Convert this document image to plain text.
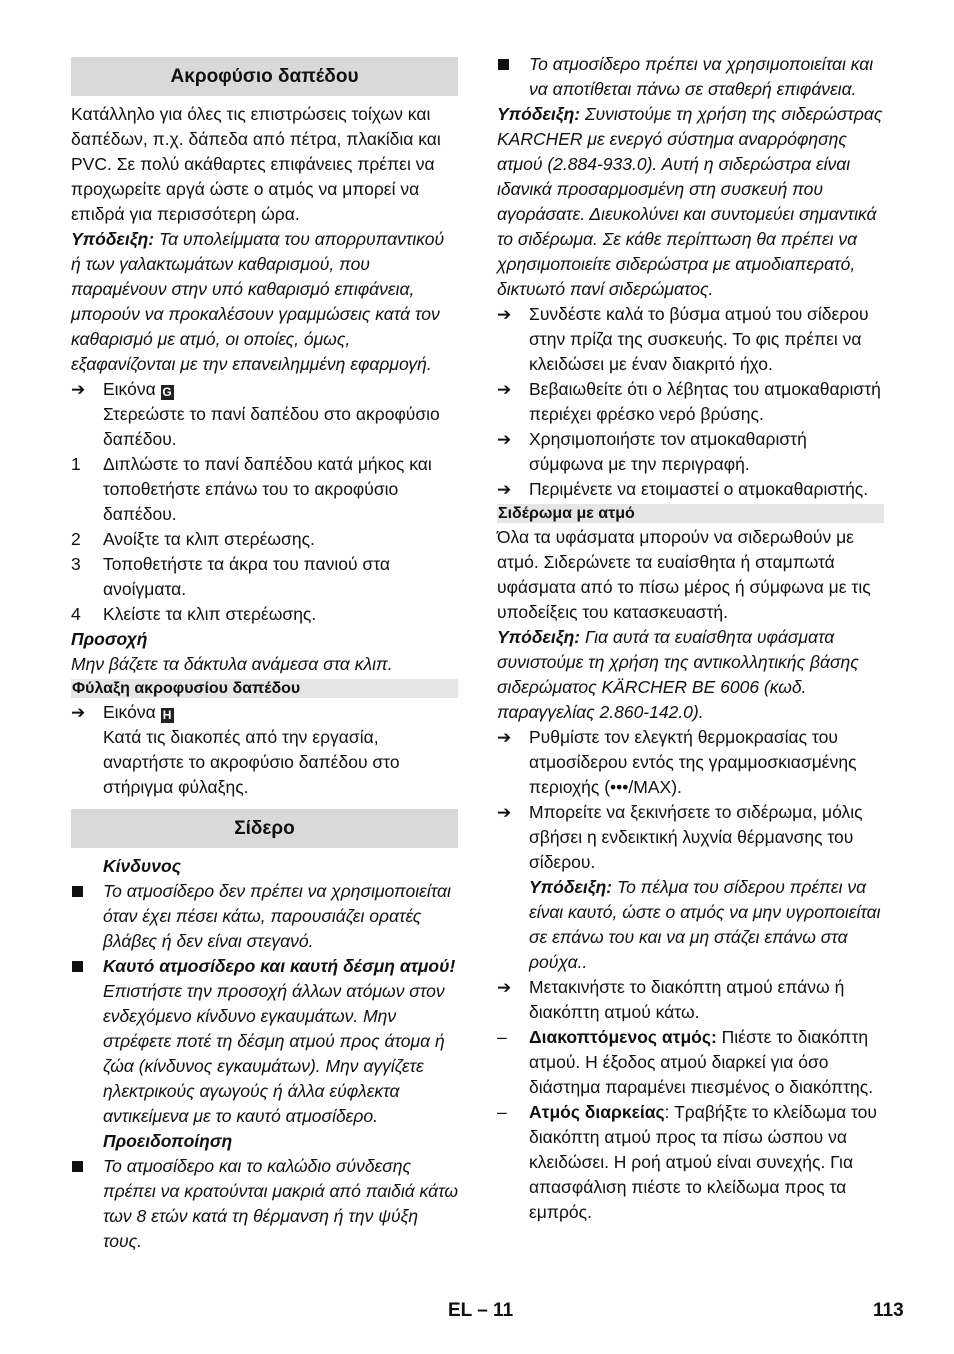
Ακροφύσιο δαπέδου

Κατάλληλο για όλες τις επιστρώσεις τοίχων και δαπέδων, π.χ. δάπεδα από πέτρα, πλακίδια και PVC. Σε πολύ ακάθαρτες επιφάνειες πρέπει να προχωρείτε αργά ώστε ο ατμός να μπορεί να επιδρά για περισσότερη ώρα.

Υπόδειξη: Τα υπολείμματα του απορρυπαντικού ή των γαλακτωμάτων καθαρισμού, που παραμένουν στην υπό καθαρισμό επιφάνεια, μπορούν να προκαλέσουν γραμμώσεις κατά τον καθαρισμό με ατμό, οι οποίες, όμως, εξαφανίζονται με την επανειλημμένη εφαρμογή.

➔	Εικόνα G
Στερεώστε το πανί δαπέδου στο ακροφύσιο δαπέδου.
1	Διπλώστε το πανί δαπέδου κατά μήκος και τοποθετήστε επάνω του το ακροφύσιο δαπέδου.
2	Ανοίξτε τα κλιπ στερέωσης.
3	Τοποθετήστε τα άκρα του πανιού στα ανοίγματα.
4	Κλείστε τα κλιπ στερέωσης.

Προσοχή

Μην βάζετε τα δάκτυλα ανάμεσα στα κλιπ.

Φύλαξη ακροφυσίου δαπέδου
➔	Εικόνα H
Κατά τις διακοπές από την εργασία, αναρτήστε το ακροφύσιο δαπέδου στο στήριγμα φύλαξης.
Σίδερο
Κίνδυνος
Το ατμοσίδερο δεν πρέπει να χρησιμοποιείται όταν έχει πέσει κάτω, παρουσιάζει ορατές βλάβες ή δεν είναι στεγανό.
Καυτό ατμοσίδερο και καυτή δέσμη ατμού! Επιστήστε την προσοχή άλλων ατόμων στον ενδεχόμενο κίνδυνο εγκαυμάτων. Μην στρέφετε ποτέ τη δέσμη ατμού προς άτομα ή ζώα (κίνδυνος εγκαυμάτων). Μην αγγίζετε ηλεκτρικούς αγωγούς ή άλλα εύφλεκτα αντικείμενα με το καυτό ατμοσίδερο.
Προειδοποίηση
Το ατμοσίδερο και το καλώδιο σύνδεσης πρέπει να κρατούνται μακριά από παιδιά κάτω των 8 ετών κατά τη θέρμανση ή την ψύξη τους.
Το ατμοσίδερο πρέπει να χρησιμοποιείται και να αποτίθεται πάνω σε σταθερή επιφάνεια.

Υπόδειξη: Συνιστούμε τη χρήση της σιδερώστρας KARCHER με ενεργό σύστημα αναρρόφησης ατμού (2.884-933.0). Αυτή η σιδερώστρα είναι ιδανικά προσαρμοσμένη στη συσκευή που αγοράσατε. Διευκολύνει και συντομεύει σημαντικά το σιδέρωμα. Σε κάθε περίπτωση θα πρέπει να χρησιμοποιείτε σιδερώστρα με ατμοδιαπερατό, δικτυωτό πανί σιδερώματος.

➔	Συνδέστε καλά το βύσμα ατμού του σίδερου στην πρίζα της συσκευής. Το φις πρέπει να κλειδώσει με έναν διακριτό ήχο.
➔	Βεβαιωθείτε ότι ο λέβητας του ατμοκαθαριστή περιέχει φρέσκο νερό βρύσης.
➔	Χρησιμοποιήστε τον ατμοκαθαριστή σύμφωνα με την περιγραφή.
➔	Περιμένετε να ετοιμαστεί ο ατμοκαθαριστής.
Σιδέρωμα με ατμό

Όλα τα υφάσματα μπορούν να σιδερωθούν με ατμό. Σιδερώνετε τα ευαίσθητα ή σταμπωτά υφάσματα από το πίσω μέρος ή σύμφωνα με τις υποδείξεις του κατασκευαστή.

Υπόδειξη: Για αυτά τα ευαίσθητα υφάσματα συνιστούμε τη χρήση της αντικολλητικής βάσης σιδερώματος KÄRCHER BE 6006 (κωδ. παραγγελίας 2.860-142.0).

➔	Ρυθμίστε τον ελεγκτή θερμοκρασίας του ατμοσίδερου εντός της γραμμοσκιασμένης περιοχής (•••/MAX).
➔	Μπορείτε να ξεκινήσετε το σιδέρωμα, μόλις σβήσει η ενδεικτική λυχνία θέρμανσης του σίδερου.

Υπόδειξη: Το πέλμα του σίδερου πρέπει να είναι καυτό, ώστε ο ατμός να μην υγροποιείται σε επάνω του και να μη στάζει επάνω στα ρούχα..

➔	Μετακινήστε το διακόπτη ατμού επάνω ή διακόπτη ατμού κάτω.
–	Διακοπτόμενος ατμός: Πιέστε το διακόπτη ατμού. Η έξοδος ατμού διαρκεί για όσο διάστημα παραμένει πιεσμένος ο διακόπτης.
–	Ατμός διαρκείας: Τραβήξτε το κλείδωμα του διακόπτη ατμού προς τα πίσω ώσπου να κλειδώσει. Η ροή ατμού είναι συνεχής. Για απασφάλιση πιέστε το κλείδωμα προς τα εμπρός.
EL – 11	113
